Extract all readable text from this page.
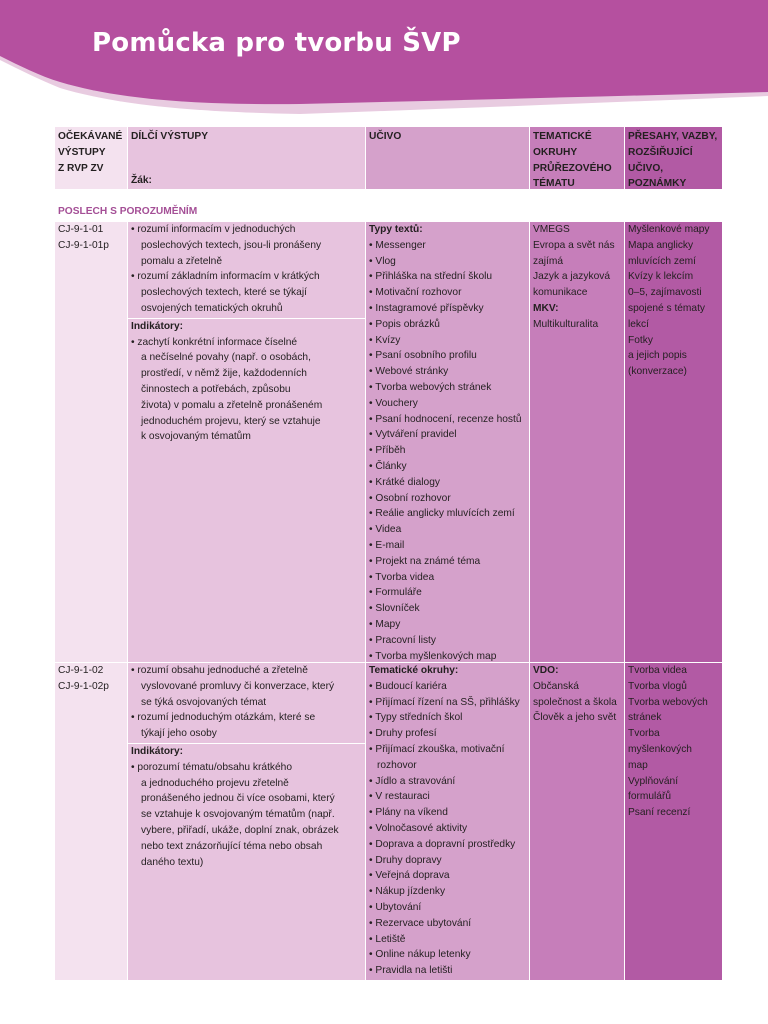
Pomůcka pro tvorbu ŠVP
OČEKÁVANÉ
VÝSTUPY
Z RVP ZV
DÍLČÍ VÝSTUPY
Žák:
UČIVO	TEMATICKÉ
OKRUHY
PRŮŘEZOVÉHO
TÉMATU
PŘESAHY, VAZBY,
ROZŠIŘUJÍCÍ
UČIVO,
POZNÁMKY
POSLECH S POROZUMĚNÍM
CJ-9-1-01
CJ-9-1-01p
• rozumí informacím v jednoduchých
poslechových textech, jsou-li pronášeny
pomalu a zřetelně
• rozumí základním informacím v krátkých
poslechových textech, které se týkají
osvojených tematických okruhů
Indikátory:
• zachytí konkrétní informace číselné
a nečíselné povahy (např. o osobách,
prostředí, v němž žije, každodenních
činnostech a potřebách, způsobu
života) v pomalu a zřetelně pronášeném
jednoduchém projevu, který se vztahuje
k osvojovaným tématům
Typy textů:
• Messenger
• Vlog
• Přihláška na střední školu
• Motivační rozhovor
• Instagramové příspěvky
• Popis obrázků
• Kvízy
• Psaní osobního profilu
• Webové stránky
• Tvorba webových stránek
• Vouchery
• Psaní hodnocení, recenze hostů
• Vytváření pravidel
• Příběh
• Články
• Krátké dialogy
• Osobní rozhovor
• Reálie anglicky mluvících zemí
• Videa
• E-mail
• Projekt na známé téma
• Tvorba videa
• Formuláře
• Slovníček
• Mapy
• Pracovní listy
• Tvorba myšlenkových map
VMEGS
Evropa a svět nás
zajímá
Jazyk a jazyková
komunikace
MKV:
Multikulturalita
Myšlenkové mapy
Mapa anglicky
mluvících zemí
Kvízy k lekcím
0–5, zajímavosti
spojené s tématy
lekcí
Fotky
a jejich popis
(konverzace)
CJ-9-1-02
CJ-9-1-02p
• rozumí obsahu jednoduché a zřetelně
vyslovované promluvy či konverzace, který
se týká osvojovaných témat
• rozumí jednoduchým otázkám, které se
týkají jeho osoby
Indikátory:
• porozumí tématu/obsahu krátkého
a jednoduchého projevu zřetelně
pronášeného jednou či více osobami, který
se vztahuje k osvojovaným tématům (např.
vybere, přiřadí, ukáže, doplní znak, obrázek
nebo text znázorňující téma nebo obsah
daného textu)
Tematické okruhy:
• Budoucí kariéra
• Přijímací řízení na SŠ, přihlášky
• Typy středních škol
• Druhy profesí
• Přijímací zkouška, motivační
rozhovor
• Jídlo a stravování
• V restauraci
• Plány na víkend
• Volnočasové aktivity
• Doprava a dopravní prostředky
• Druhy dopravy
• Veřejná doprava
• Nákup jízdenky
• Ubytování
• Rezervace ubytování
• Letiště
• Online nákup letenky
• Pravidla na letišti
VDO:
Občanská
společnost a škola
Člověk a jeho svět
Tvorba videa
Tvorba vlogů
Tvorba webových
stránek
Tvorba
myšlenkových
map
Vyplňování
formulářů
Psaní recenzí
